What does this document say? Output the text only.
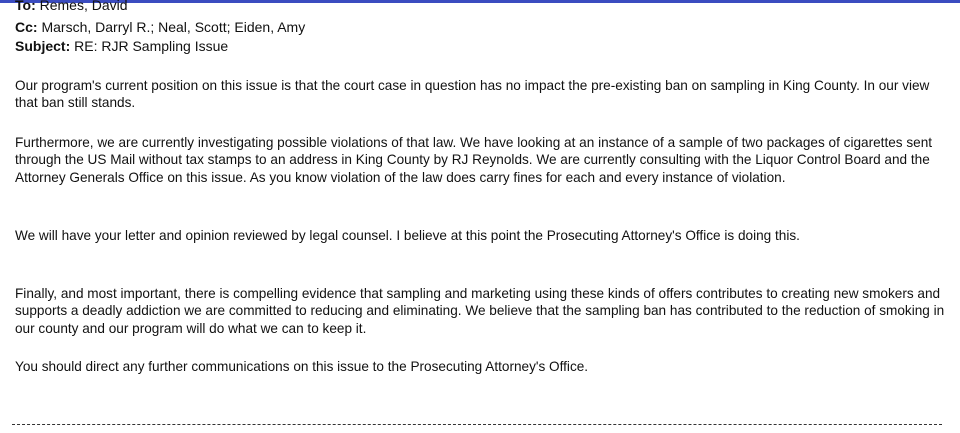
To: Remes, David
Cc: Marsch, Darryl R.; Neal, Scott; Eiden, Amy
Subject: RE: RJR Sampling Issue

Our program's current position on this issue is that the court case in question has no impact the pre-existing ban on sampling in King County. In our view that ban still stands.

Furthermore, we are currently investigating possible violations of that law. We have looking at an instance of a sample of two packages of cigarettes sent through the US Mail without tax stamps to an address in King County by RJ Reynolds. We are currently consulting with the Liquor Control Board and the Attorney Generals Office on this issue. As you know violation of the law does carry fines for each and every instance of violation.

We will have your letter and opinion reviewed by legal counsel. I believe at this point the Prosecuting Attorney's Office is doing this.

Finally, and most important, there is compelling evidence that sampling and marketing using these kinds of offers contributes to creating new smokers and supports a deadly addiction we are committed to reducing and eliminating. We believe that the sampling ban has contributed to the reduction of smoking in our county and our program will do what we can to keep it.

You should direct any further communications on this issue to the Prosecuting Attorney's Office.
